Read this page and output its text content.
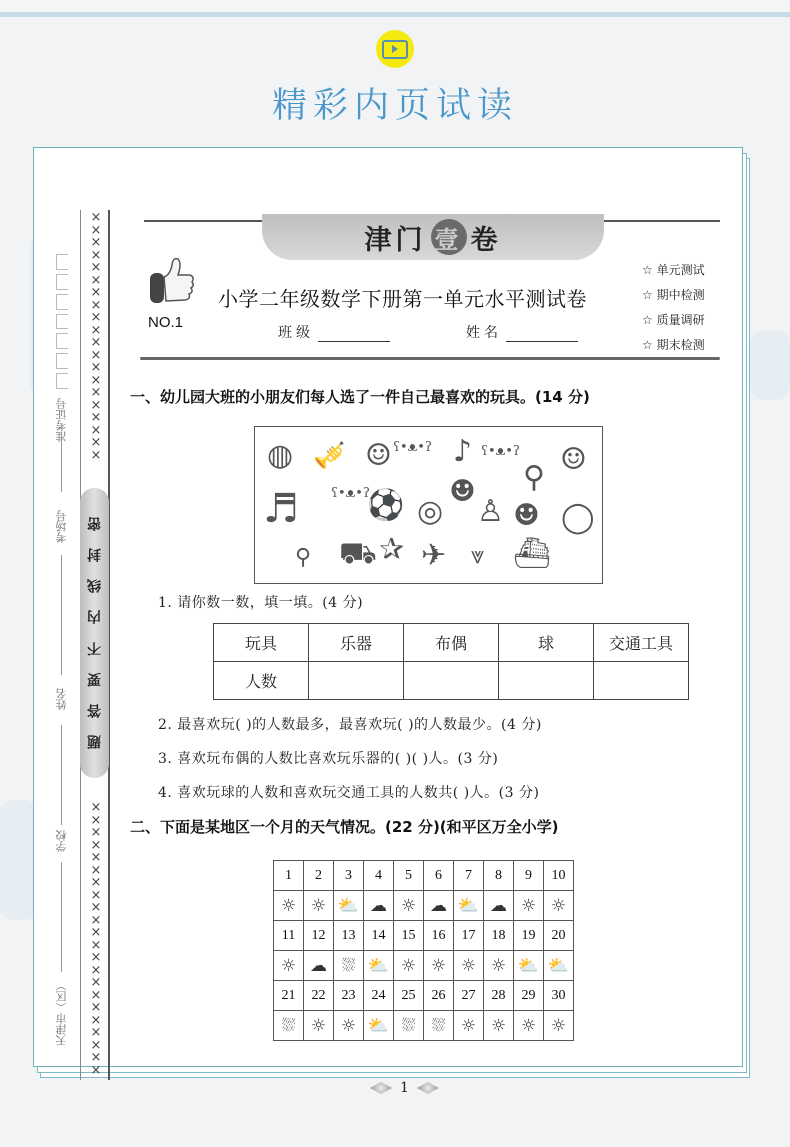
精彩内页试读
准考证号
考场号
姓名
学校
天津市（区）
×
×
×
×
×
×
×
×
×
×
×
×
×
×
×
×
×
×
×
×
密
封
线
内
不
要
答
题
×
×
×
×
×
×
×
×
×
×
×
×
×
×
×
×
×
×
×
×
×
×
津门 壹 卷
NO.1
小学二年级数学下册第一单元水平测试卷
班级	姓名
☆ 单元测试
☆ 期中检测
☆ 质量调研
☆ 期末检测
一、幼儿园大班的小朋友们每人选了一件自己最喜欢的玩具。(14 分)
◍ 🎺 ☺ ʕ•ᴥ•ʔ ♪ ʕ•ᴥ•ʔ
⚲
☺
♬ ʕ•ᴥ•ʔ
⚽ ◎
☻
♙ ☻ ◯
⚲ ⛟ ✰ ✈ ⩔ ⛴
1. 请你数一数，填一填。(4 分)
玩具	乐器	布偶	球	交通工具
人数				
2. 最喜欢玩( )的人数最多，最喜欢玩( )的人数最少。(4 分)
3. 喜欢玩布偶的人数比喜欢玩乐器的( )( )人。(3 分)
4. 喜欢玩球的人数和喜欢玩交通工具的人数共( )人。(3 分)
二、下面是某地区一个月的天气情况。(22 分)(和平区万全小学)
1	2	3	4	5	6	7	8	9	10
☼	☼	⛅	☁	☼	☁	⛅	☁	☼	☼
11	12	13	14	15	16	17	18	19	20
☼	☁	⛆	⛅	☼	☼	☼	☼	⛅	⛅
21	22	23	24	25	26	27	28	29	30
⛆	☼	☼	⛅	⛆	⛆	☼	☼	☼	☼
1
